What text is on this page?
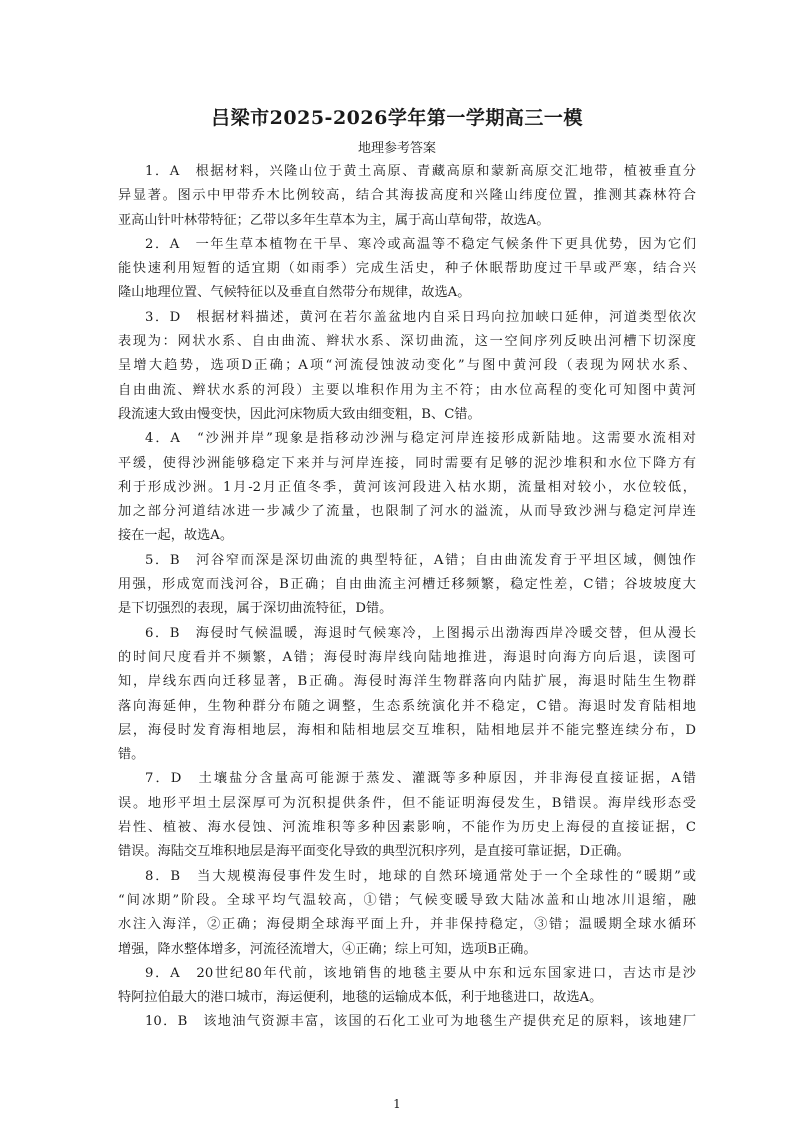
吕梁市2025-2026学年第一学期高三一模
地理参考答案
1．A　根据材料，兴隆山位于黄土高原、青藏高原和蒙新高原交汇地带，植被垂直分
异显著。图示中甲带乔木比例较高，结合其海拔高度和兴隆山纬度位置，推测其森林符合
亚高山针叶林带特征；乙带以多年生草本为主，属于高山草甸带，故选A。
2．A　一年生草本植物在干旱、寒冷或高温等不稳定气候条件下更具优势，因为它们
能快速利用短暂的适宜期（如雨季）完成生活史，种子休眠帮助度过干旱或严寒，结合兴
隆山地理位置、气候特征以及垂直自然带分布规律，故选A。
3．D　根据材料描述，黄河在若尔盖盆地内自采日玛向拉加峡口延伸，河道类型依次
表现为：网状水系、自由曲流、辫状水系、深切曲流，这一空间序列反映出河槽下切深度
呈增大趋势，选项D正确；A项“河流侵蚀波动变化”与图中黄河段（表现为网状水系、
自由曲流、辫状水系的河段）主要以堆积作用为主不符；由水位高程的变化可知图中黄河
段流速大致由慢变快，因此河床物质大致由细变粗，B、C错。
4．A　“沙洲并岸”现象是指移动沙洲与稳定河岸连接形成新陆地。这需要水流相对
平缓，使得沙洲能够稳定下来并与河岸连接，同时需要有足够的泥沙堆积和水位下降方有
利于形成沙洲。1月-2月正值冬季，黄河该河段进入枯水期，流量相对较小，水位较低，
加之部分河道结冰进一步减少了流量，也限制了河水的溢流，从而导致沙洲与稳定河岸连
接在一起，故选A。
5．B　河谷窄而深是深切曲流的典型特征，A错；自由曲流发育于平坦区域，侧蚀作
用强，形成宽而浅河谷，B正确；自由曲流主河槽迁移频繁，稳定性差，C错；谷坡坡度大
是下切强烈的表现，属于深切曲流特征，D错。
6．B　海侵时气候温暖，海退时气候寒冷，上图揭示出渤海西岸冷暖交替，但从漫长
的时间尺度看并不频繁，A错；海侵时海岸线向陆地推进，海退时向海方向后退，读图可
知，岸线东西向迁移显著，B正确。海侵时海洋生物群落向内陆扩展，海退时陆生生物群
落向海延伸，生物种群分布随之调整，生态系统演化并不稳定，C错。海退时发育陆相地
层，海侵时发育海相地层，海相和陆相地层交互堆积，陆相地层并不能完整连续分布，D
错。
7．D　土壤盐分含量高可能源于蒸发、灌溉等多种原因，并非海侵直接证据，A错
误。地形平坦土层深厚可为沉积提供条件，但不能证明海侵发生，B错误。海岸线形态受
岩性、植被、海水侵蚀、河流堆积等多种因素影响，不能作为历史上海侵的直接证据，C
错误。海陆交互堆积地层是海平面变化导致的典型沉积序列，是直接可靠证据，D正确。
8．B　当大规模海侵事件发生时，地球的自然环境通常处于一个全球性的“暖期”或
“间冰期”阶段。全球平均气温较高，①错；气候变暖导致大陆冰盖和山地冰川退缩，融
水注入海洋，②正确；海侵期全球海平面上升，并非保持稳定，③错；温暖期全球水循环
增强，降水整体增多，河流径流增大，④正确；综上可知，选项B正确。
9．A　20世纪80年代前，该地销售的地毯主要从中东和远东国家进口，吉达市是沙
特阿拉伯最大的港口城市，海运便利，地毯的运输成本低，利于地毯进口，故选A。
10．B　该地油气资源丰富，该国的石化工业可为地毯生产提供充足的原料，该地建厂
1
